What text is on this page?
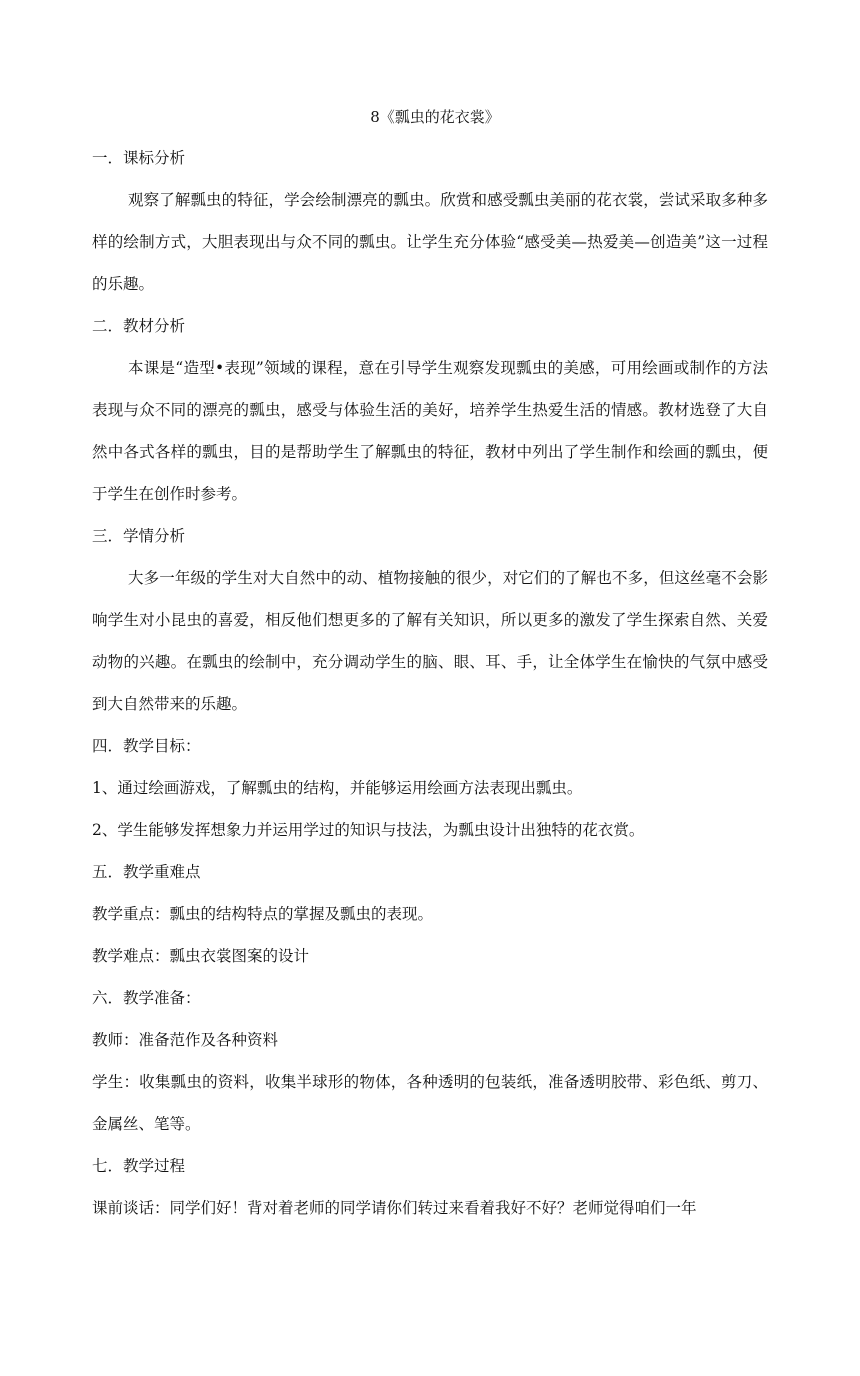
8《瓢虫的花衣裳》
一．课标分析
观察了解瓢虫的特征，学会绘制漂亮的瓢虫。欣赏和感受瓢虫美丽的花衣裳，尝试采取多种多样的绘制方式，大胆表现出与众不同的瓢虫。让学生充分体验“感受美—热爱美—创造美”这一过程的乐趣。
二．教材分析
本课是“造型•表现”领域的课程，意在引导学生观察发现瓢虫的美感，可用绘画或制作的方法表现与众不同的漂亮的瓢虫，感受与体验生活的美好，培养学生热爱生活的情感。教材选登了大自然中各式各样的瓢虫，目的是帮助学生了解瓢虫的特征，教材中列出了学生制作和绘画的瓢虫，便于学生在创作时参考。
三．学情分析
大多一年级的学生对大自然中的动、植物接触的很少，对它们的了解也不多，但这丝毫不会影响学生对小昆虫的喜爱，相反他们想更多的了解有关知识，所以更多的激发了学生探索自然、关爱动物的兴趣。在瓢虫的绘制中，充分调动学生的脑、眼、耳、手，让全体学生在愉快的气氛中感受到大自然带来的乐趣。
四．教学目标：
1、通过绘画游戏，了解瓢虫的结构，并能够运用绘画方法表现出瓢虫。
2、学生能够发挥想象力并运用学过的知识与技法，为瓢虫设计出独特的花衣赏。
五．教学重难点
教学重点：瓢虫的结构特点的掌握及瓢虫的表现。
教学难点：瓢虫衣裳图案的设计
六．教学准备：
教师：准备范作及各种资料
学生：收集瓢虫的资料，收集半球形的物体，各种透明的包装纸，准备透明胶带、彩色纸、剪刀、金属丝、笔等。
七．教学过程
课前谈话：同学们好！背对着老师的同学请你们转过来看着我好不好？老师觉得咱们一年
